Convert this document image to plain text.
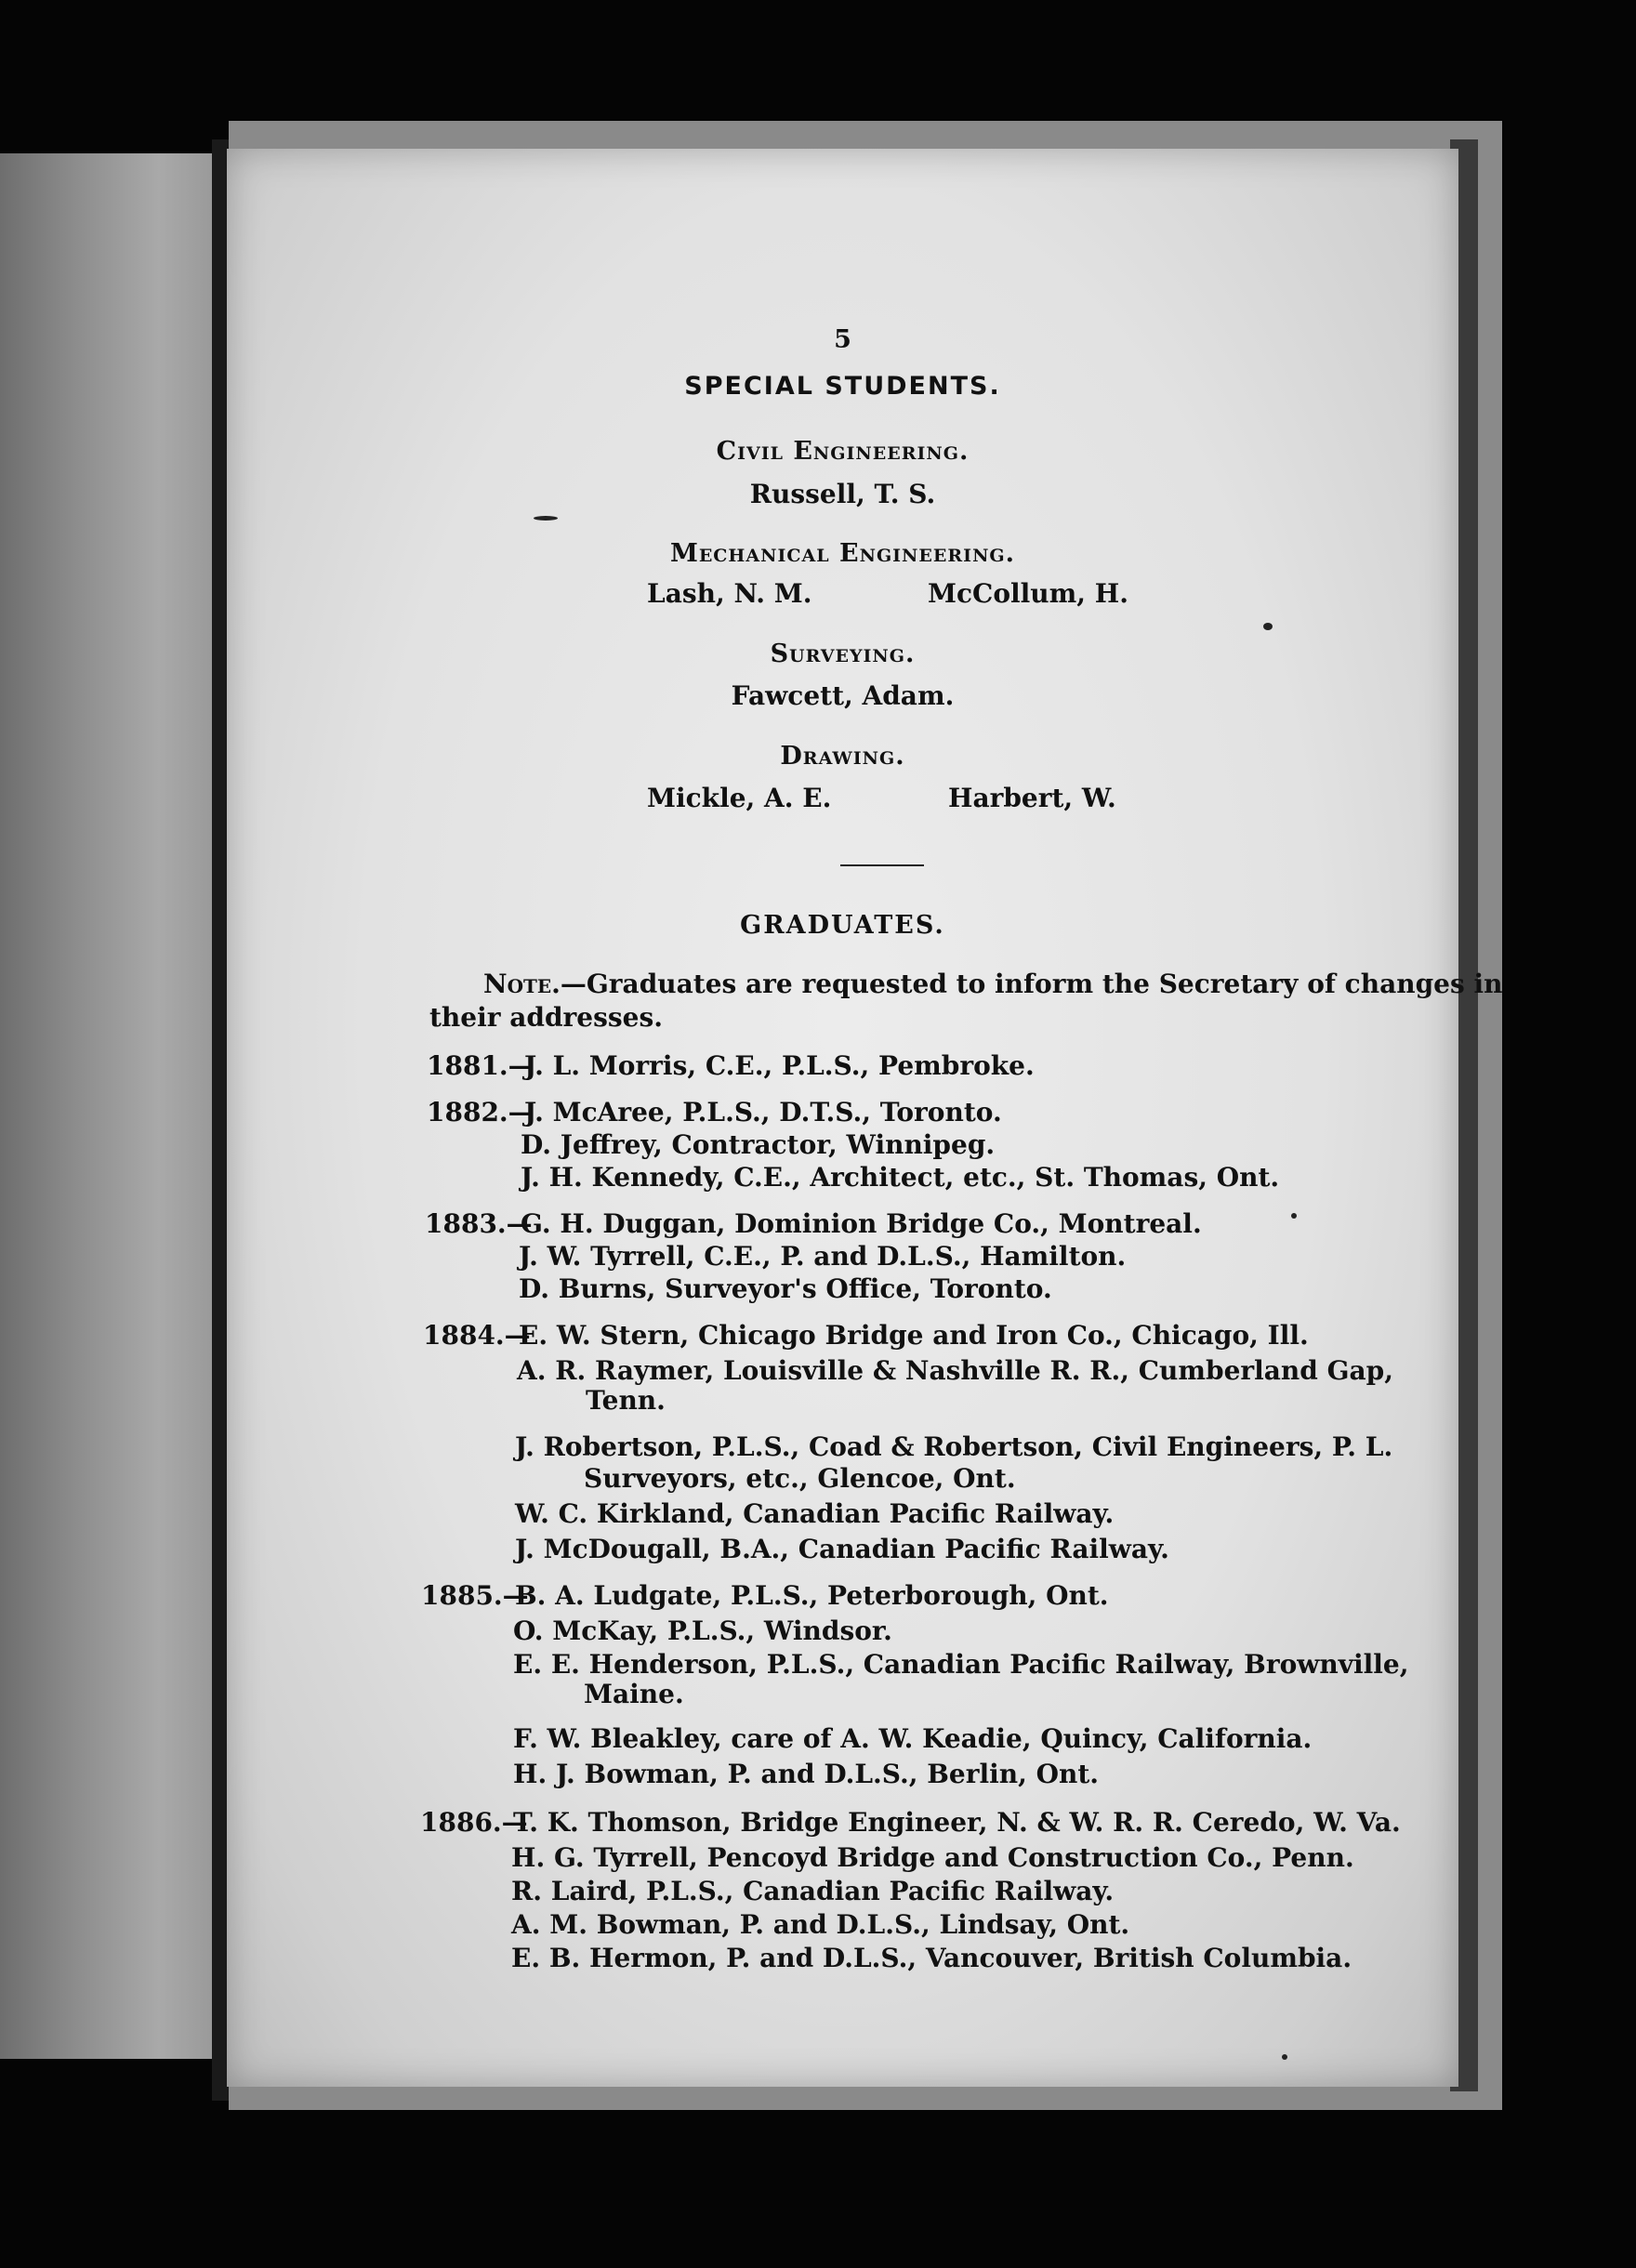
5
SPECIAL STUDENTS.
Civil Engineering.
Russell, T. S.
Mechanical Engineering.
Lash, N. M.	McCollum, H.
Surveying.
Fawcett, Adam.
Drawing.
Mickle, A. E.	Harbert, W.
GRADUATES.
Note.—Graduates are requested to inform the Secretary of changes in
their addresses.
1881.—
J. L. Morris, C.E., P.L.S., Pembroke.
1882.—
J. McAree, P.L.S., D.T.S., Toronto.
D. Jeffrey, Contractor, Winnipeg.
J. H. Kennedy, C.E., Architect, etc., St. Thomas, Ont.
1883.—
G. H. Duggan, Dominion Bridge Co., Montreal.
J. W. Tyrrell, C.E., P. and D.L.S., Hamilton.
D. Burns, Surveyor's Office, Toronto.
1884.—
E. W. Stern, Chicago Bridge and Iron Co., Chicago, Ill.
A. R. Raymer, Louisville & Nashville R. R., Cumberland Gap,
Tenn.
J. Robertson, P.L.S., Coad & Robertson, Civil Engineers, P. L.
Surveyors, etc., Glencoe, Ont.
W. C. Kirkland, Canadian Pacific Railway.
J. McDougall, B.A., Canadian Pacific Railway.
1885.—
B. A. Ludgate, P.L.S., Peterborough, Ont.
O. McKay, P.L.S., Windsor.
E. E. Henderson, P.L.S., Canadian Pacific Railway, Brownville,
Maine.
F. W. Bleakley, care of A. W. Keadie, Quincy, California.
H. J. Bowman, P. and D.L.S., Berlin, Ont.
1886.—
T. K. Thomson, Bridge Engineer, N. & W. R. R. Ceredo, W. Va.
H. G. Tyrrell, Pencoyd Bridge and Construction Co., Penn.
R. Laird, P.L.S., Canadian Pacific Railway.
A. M. Bowman, P. and D.L.S., Lindsay, Ont.
E. B. Hermon, P. and D.L.S., Vancouver, British Columbia.
